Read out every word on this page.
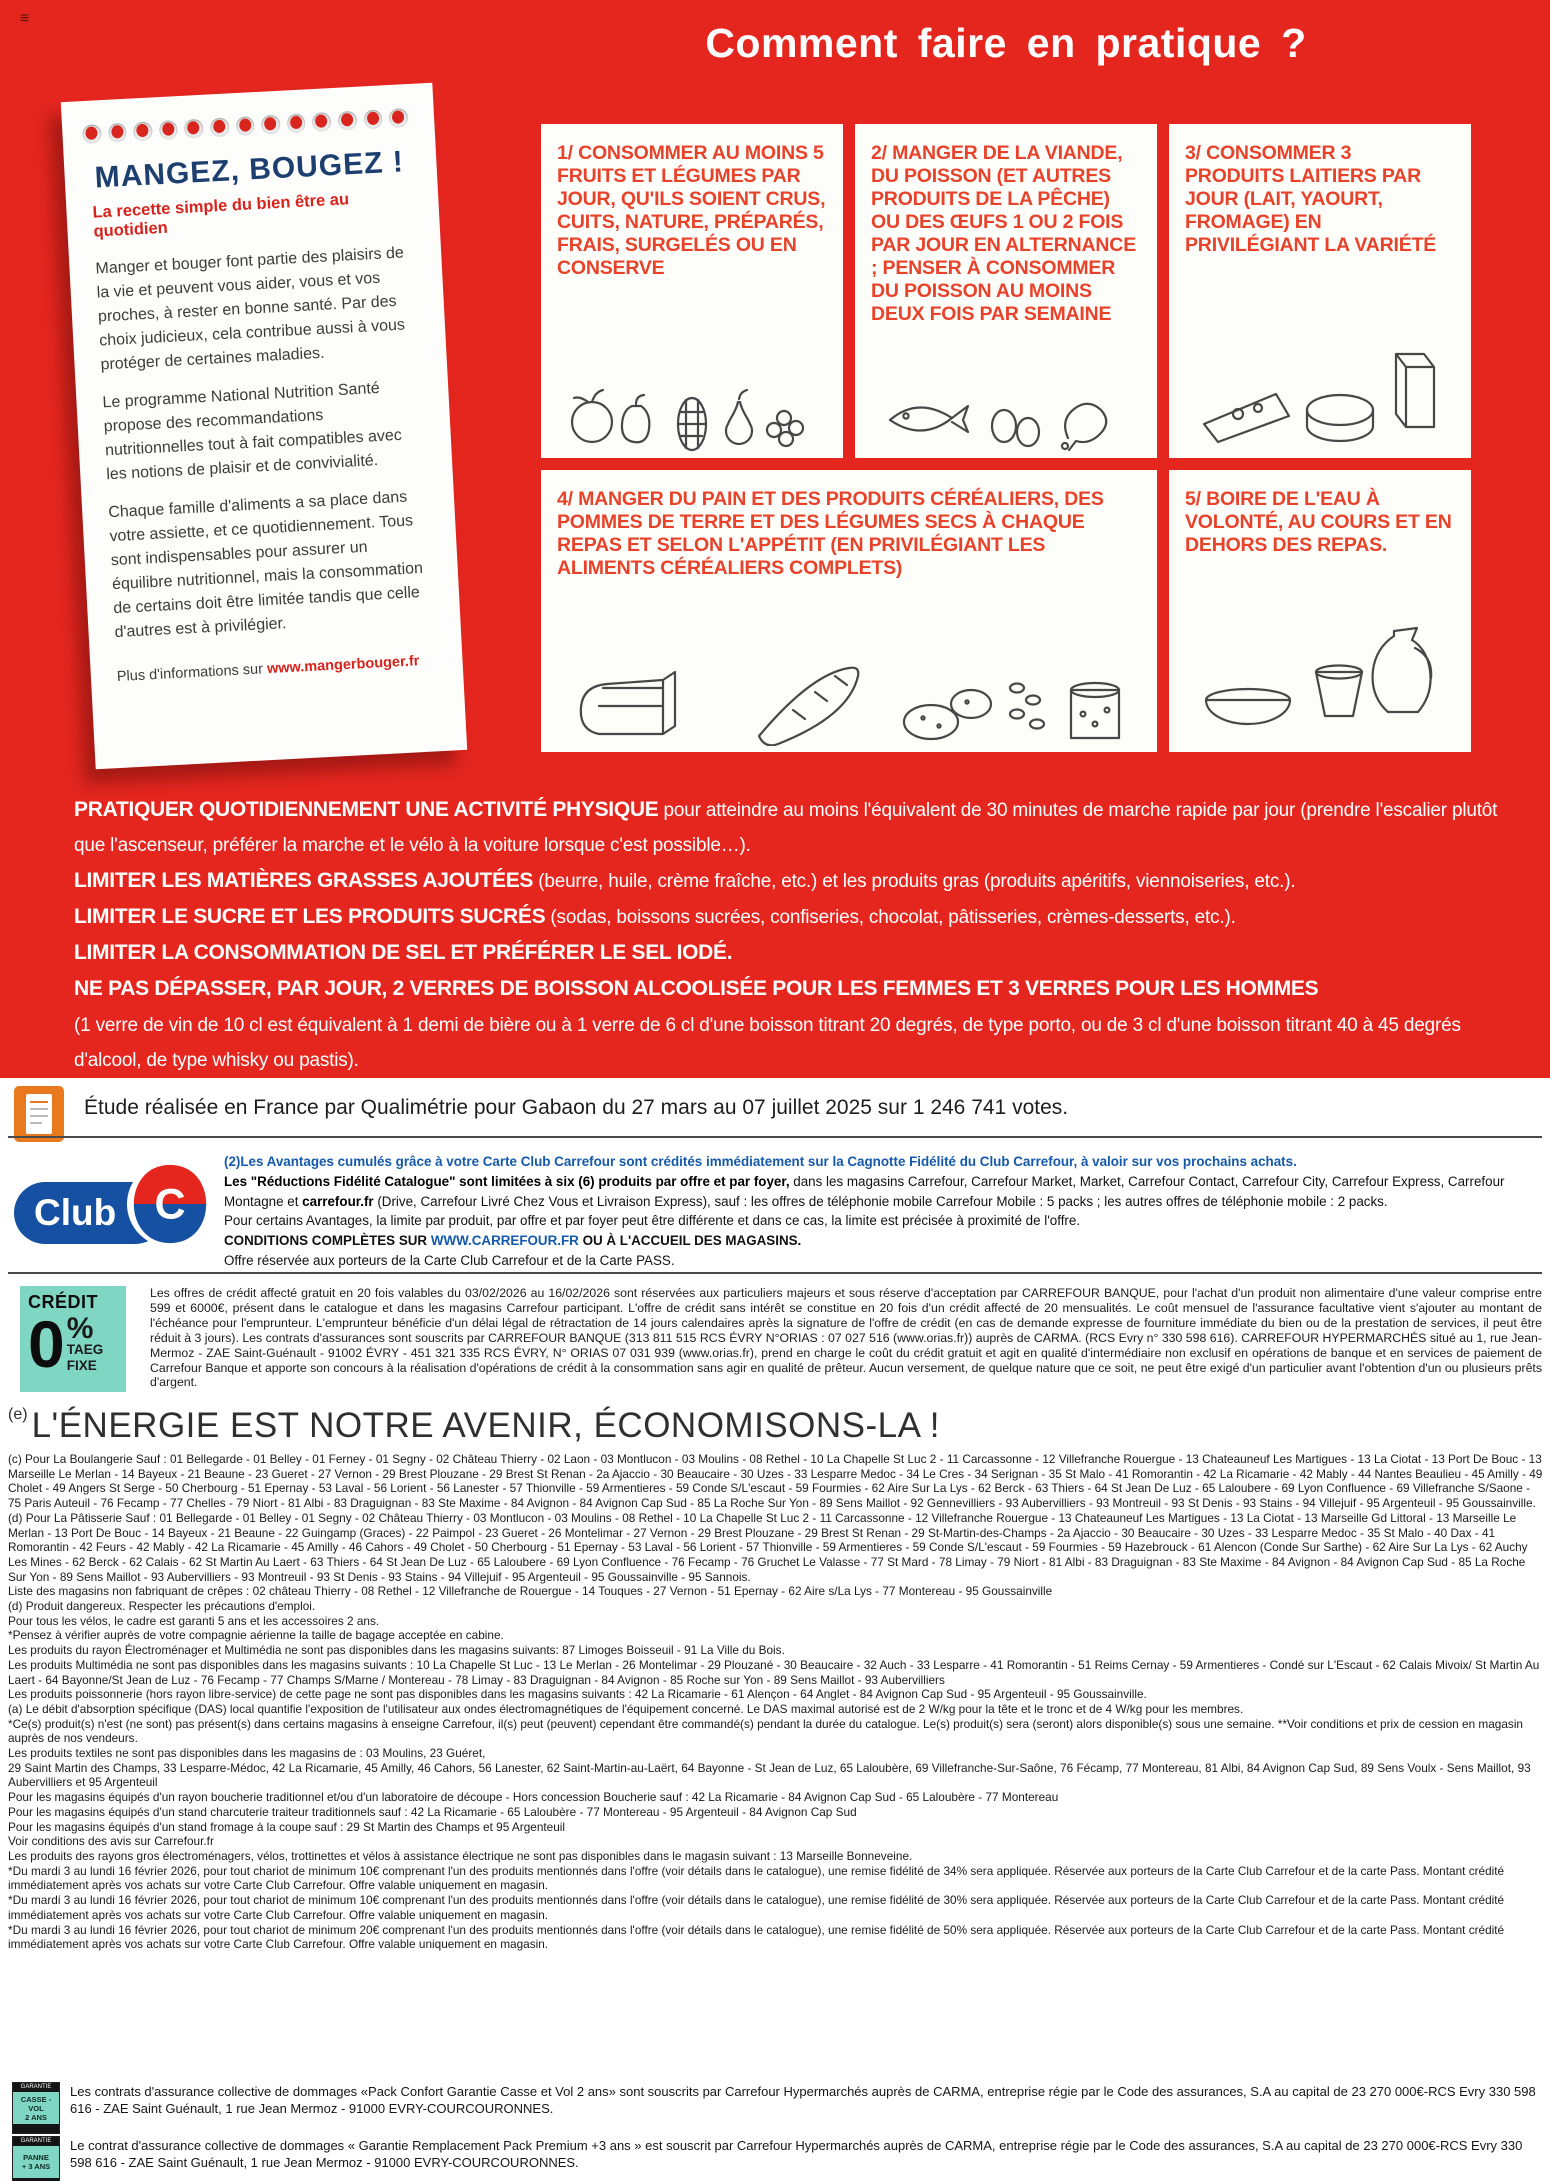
≡
Comment faire en pratique ?
MANGEZ, BOUGEZ !
La recette simple du bien être au quotidien

Manger et bouger font partie des plaisirs de la vie et peuvent vous aider, vous et vos proches, à rester en bonne santé. Par des choix judicieux, cela contribue aussi à vous protéger de certaines maladies.

Le programme National Nutrition Santé propose des recommandations nutritionnelles tout à fait compatibles avec les notions de plaisir et de convivialité.

Chaque famille d'aliments a sa place dans votre assiette, et ce quotidiennement. Tous sont indispensables pour assurer un équilibre nutritionnel, mais la consommation de certains doit être limitée tandis que celle d'autres est à privilégier.

Plus d'informations sur www.mangerbouger.fr
1/ CONSOMMER AU MOINS 5 FRUITS ET LÉGUMES PAR JOUR, QU'ILS SOIENT CRUS, CUITS, NATURE, PRÉPARÉS, FRAIS, SURGELÉS OU EN CONSERVE
2/ MANGER DE LA VIANDE, DU POISSON (ET AUTRES PRODUITS DE LA PÊCHE) OU DES ŒUFS 1 OU 2 FOIS PAR JOUR EN ALTERNANCE ; PENSER À CONSOMMER DU POISSON AU MOINS DEUX FOIS PAR SEMAINE
3/ CONSOMMER 3 PRODUITS LAITIERS PAR JOUR (LAIT, YAOURT, FROMAGE) EN PRIVILÉGIANT LA VARIÉTÉ
4/ MANGER DU PAIN ET DES PRODUITS CÉRÉALIERS, DES POMMES DE TERRE ET DES LÉGUMES SECS À CHAQUE REPAS ET SELON L'APPÉTIT (EN PRIVILÉGIANT LES ALIMENTS CÉRÉALIERS COMPLETS)
5/ BOIRE DE L'EAU À VOLONTÉ, AU COURS ET EN DEHORS DES REPAS.

PRATIQUER QUOTIDIENNEMENT UNE ACTIVITÉ PHYSIQUE pour atteindre au moins l'équivalent de 30 minutes de marche rapide par jour (prendre l'escalier plutôt que l'ascenseur, préférer la marche et le vélo à la voiture lorsque c'est possible…).

LIMITER LES MATIÈRES GRASSES AJOUTÉES (beurre, huile, crème fraîche, etc.) et les produits gras (produits apéritifs, viennoiseries, etc.).

LIMITER LE SUCRE ET LES PRODUITS SUCRÉS (sodas, boissons sucrées, confiseries, chocolat, pâtisseries, crèmes-desserts, etc.).

LIMITER LA CONSOMMATION DE SEL ET PRÉFÉRER LE SEL IODÉ.

NE PAS DÉPASSER, PAR JOUR, 2 VERRES DE BOISSON ALCOOLISÉE POUR LES FEMMES ET 3 VERRES POUR LES HOMMES

(1 verre de vin de 10 cl est équivalent à 1 demi de bière ou à 1 verre de 6 cl d'une boisson titrant 20 degrés, de type porto, ou de 3 cl d'une boisson titrant 40 à 45 degrés d'alcool, de type whisky ou pastis).

Étude réalisée en France par Qualimétrie pour Gabaon du 27 mars au 07 juillet 2025 sur 1 246 741 votes.
Club C
(2)Les Avantages cumulés grâce à votre Carte Club Carrefour sont crédités immédiatement sur la Cagnotte Fidélité du Club Carrefour, à valoir sur vos prochains achats.
Les "Réductions Fidélité Catalogue" sont limitées à six (6) produits par offre et par foyer, dans les magasins Carrefour, Carrefour Market, Market, Carrefour Contact, Carrefour City, Carrefour Express, Carrefour Montagne et carrefour.fr (Drive, Carrefour Livré Chez Vous et Livraison Express), sauf : les offres de téléphonie mobile Carrefour Mobile : 5 packs ; les autres offres de téléphonie mobile : 2 packs.
Pour certains Avantages, la limite par produit, par offre et par foyer peut être différente et dans ce cas, la limite est précisée à proximité de l'offre.
CONDITIONS COMPLÈTES SUR WWW.CARREFOUR.FR OU À L'ACCUEIL DES MAGASINS.
Offre réservée aux porteurs de la Carte Club Carrefour et de la Carte PASS.
CRÉDIT
0 %
TAEG
FIXE
Les offres de crédit affecté gratuit en 20 fois valables du 03/02/2026 au 16/02/2026 sont réservées aux particuliers majeurs et sous réserve d'acceptation par CARREFOUR BANQUE, pour l'achat d'un produit non alimentaire d'une valeur comprise entre 599 et 6000€, présent dans le catalogue et dans les magasins Carrefour participant. L'offre de crédit sans intérêt se constitue en 20 fois d'un crédit affecté de 20 mensualités. Le coût mensuel de l'assurance facultative vient s'ajouter au montant de l'échéance pour l'emprunteur. L'emprunteur bénéficie d'un délai légal de rétractation de 14 jours calendaires après la signature de l'offre de crédit (en cas de demande expresse de fourniture immédiate du bien ou de la prestation de services, il peut être réduit à 3 jours). Les contrats d'assurances sont souscrits par CARREFOUR BANQUE (313 811 515 RCS ÉVRY N°ORIAS : 07 027 516 (www.orias.fr)) auprès de CARMA. (RCS Evry n° 330 598 616). CARREFOUR HYPERMARCHÉS situé au 1, rue Jean-Mermoz - ZAE Saint-Guénault - 91002 ÉVRY - 451 321 335 RCS ÉVRY, N° ORIAS 07 031 939 (www.orias.fr), prend en charge le coût du crédit gratuit et agit en qualité d'intermédiaire non exclusif en opérations de banque et en services de paiement de Carrefour Banque et apporte son concours à la réalisation d'opérations de crédit à la consommation sans agir en qualité de prêteur. Aucun versement, de quelque nature que ce soit, ne peut être exigé d'un particulier avant l'obtention d'un ou plusieurs prêts d'argent.
$^{(e)}$ L'ÉNERGIE EST NOTRE AVENIR, ÉCONOMISONS-LA !

(c) Pour La Boulangerie Sauf : 01 Bellegarde - 01 Belley - 01 Ferney - 01 Segny - 02 Château Thierry - 02 Laon - 03 Montlucon - 03 Moulins - 08 Rethel - 10 La Chapelle St Luc 2 - 11 Carcassonne - 12 Villefranche Rouergue - 13 Chateauneuf Les Martigues - 13 La Ciotat - 13 Port De Bouc - 13 Marseille Le Merlan - 14 Bayeux - 21 Beaune - 23 Gueret - 27 Vernon - 29 Brest Plouzane - 29 Brest St Renan - 2a Ajaccio - 30 Beaucaire - 30 Uzes - 33 Lesparre Medoc - 34 Le Cres - 34 Serignan - 35 St Malo - 41 Romorantin - 42 La Ricamarie - 42 Mably - 44 Nantes Beaulieu - 45 Amilly - 49 Cholet - 49 Angers St Serge - 50 Cherbourg - 51 Epernay - 53 Laval - 56 Lorient - 56 Lanester - 57 Thionville - 59 Armentieres - 59 Conde S/L'escaut - 59 Fourmies - 62 Aire Sur La Lys - 62 Berck - 63 Thiers - 64 St Jean De Luz - 65 Laloubere - 69 Lyon Confluence - 69 Villefranche S/Saone - 75 Paris Auteuil - 76 Fecamp - 77 Chelles - 79 Niort - 81 Albi - 83 Draguignan - 83 Ste Maxime - 84 Avignon - 84 Avignon Cap Sud - 85 La Roche Sur Yon - 89 Sens Maillot - 92 Gennevilliers - 93 Aubervilliers - 93 Montreuil - 93 St Denis - 93 Stains - 94 Villejuif - 95 Argenteuil - 95 Goussainville.

(d) Pour La Pâtisserie Sauf : 01 Bellegarde - 01 Belley - 01 Segny - 02 Château Thierry - 03 Montlucon - 03 Moulins - 08 Rethel - 10 La Chapelle St Luc 2 - 11 Carcassonne - 12 Villefranche Rouergue - 13 Chateauneuf Les Martigues - 13 La Ciotat - 13 Marseille Gd Littoral - 13 Marseille Le Merlan - 13 Port De Bouc - 14 Bayeux - 21 Beaune - 22 Guingamp (Graces) - 22 Paimpol - 23 Gueret - 26 Montelimar - 27 Vernon - 29 Brest Plouzane - 29 Brest St Renan - 29 St-Martin-des-Champs - 2a Ajaccio - 30 Beaucaire - 30 Uzes - 33 Lesparre Medoc - 35 St Malo - 40 Dax - 41 Romorantin - 42 Feurs - 42 Mably - 42 La Ricamarie - 45 Amilly - 46 Cahors - 49 Cholet - 50 Cherbourg - 51 Epernay - 53 Laval - 56 Lorient - 57 Thionville - 59 Armentieres - 59 Conde S/L'escaut - 59 Fourmies - 59 Hazebrouck - 61 Alencon (Conde Sur Sarthe) - 62 Aire Sur La Lys - 62 Auchy Les Mines - 62 Berck - 62 Calais - 62 St Martin Au Laert - 63 Thiers - 64 St Jean De Luz - 65 Laloubere - 69 Lyon Confluence - 76 Fecamp - 76 Gruchet Le Valasse - 77 St Mard - 78 Limay - 79 Niort - 81 Albi - 83 Draguignan - 83 Ste Maxime - 84 Avignon - 84 Avignon Cap Sud - 85 La Roche Sur Yon - 89 Sens Maillot - 93 Aubervilliers - 93 Montreuil - 93 St Denis - 93 Stains - 94 Villejuif - 95 Argenteuil - 95 Goussainville - 95 Sannois.

Liste des magasins non fabriquant de crêpes : 02 château Thierry - 08 Rethel - 12 Villefranche de Rouergue - 14 Touques - 27 Vernon - 51 Epernay - 62 Aire s/La Lys - 77 Montereau - 95 Goussainville

(d) Produit dangereux. Respecter les précautions d'emploi.

Pour tous les vélos, le cadre est garanti 5 ans et les accessoires 2 ans.

*Pensez à vérifier auprès de votre compagnie aérienne la taille de bagage acceptée en cabine.

Les produits du rayon Électroménager et Multimédia ne sont pas disponibles dans les magasins suivants: 87 Limoges Boisseuil - 91 La Ville du Bois.

Les produits Multimédia ne sont pas disponibles dans les magasins suivants : 10 La Chapelle St Luc - 13 Le Merlan - 26 Montelimar - 29 Plouzané - 30 Beaucaire - 32 Auch - 33 Lesparre - 41 Romorantin - 51 Reims Cernay - 59 Armentieres - Condé sur L'Escaut - 62 Calais Mivoix/ St Martin Au Laert - 64 Bayonne/St Jean de Luz - 76 Fecamp - 77 Champs S/Marne / Montereau - 78 Limay - 83 Draguignan - 84 Avignon - 85 Roche sur Yon - 89 Sens Maillot - 93 Aubervilliers

Les produits poissonnerie (hors rayon libre-service) de cette page ne sont pas disponibles dans les magasins suivants : 42 La Ricamarie - 61 Alençon - 64 Anglet - 84 Avignon Cap Sud - 95 Argenteuil - 95 Goussainville.

(a) Le débit d'absorption spécifique (DAS) local quantifie l'exposition de l'utilisateur aux ondes électromagnétiques de l'équipement concerné. Le DAS maximal autorisé est de 2 W/kg pour la tête et le tronc et de 4 W/kg pour les membres.

*Ce(s) produit(s) n'est (ne sont) pas présent(s) dans certains magasins à enseigne Carrefour, il(s) peut (peuvent) cependant être commandé(s) pendant la durée du catalogue. Le(s) produit(s) sera (seront) alors disponible(s) sous une semaine. **Voir conditions et prix de cession en magasin auprès de nos vendeurs.

Les produits textiles ne sont pas disponibles dans les magasins de : 03 Moulins, 23 Guéret,

29 Saint Martin des Champs, 33 Lesparre-Médoc, 42 La Ricamarie, 45 Amilly, 46 Cahors, 56 Lanester, 62 Saint-Martin-au-Laërt, 64 Bayonne - St Jean de Luz, 65 Laloubère, 69 Villefranche-Sur-Saône, 76 Fécamp, 77 Montereau, 81 Albi, 84 Avignon Cap Sud, 89 Sens Voulx - Sens Maillot, 93 Aubervilliers et 95 Argenteuil

Pour les magasins équipés d'un rayon boucherie traditionnel et/ou d'un laboratoire de découpe - Hors concession Boucherie sauf : 42 La Ricamarie - 84 Avignon Cap Sud - 65 Laloubère - 77 Montereau

Pour les magasins équipés d'un stand charcuterie traiteur traditionnels sauf : 42 La Ricamarie - 65 Laloubère - 77 Montereau - 95 Argenteuil - 84 Avignon Cap Sud

Pour les magasins équipés d'un stand fromage à la coupe sauf : 29 St Martin des Champs et 95 Argenteuil

Voir conditions des avis sur Carrefour.fr

Les produits des rayons gros électroménagers, vélos, trottinettes et vélos à assistance électrique ne sont pas disponibles dans le magasin suivant : 13 Marseille Bonneveine.

*Du mardi 3 au lundi 16 février 2026, pour tout chariot de minimum 10€ comprenant l'un des produits mentionnés dans l'offre (voir détails dans le catalogue), une remise fidélité de 34% sera appliquée. Réservée aux porteurs de la Carte Club Carrefour et de la carte Pass. Montant crédité immédiatement après vos achats sur votre Carte Club Carrefour. Offre valable uniquement en magasin.

*Du mardi 3 au lundi 16 février 2026, pour tout chariot de minimum 10€ comprenant l'un des produits mentionnés dans l'offre (voir détails dans le catalogue), une remise fidélité de 30% sera appliquée. Réservée aux porteurs de la Carte Club Carrefour et de la carte Pass. Montant crédité immédiatement après vos achats sur votre Carte Club Carrefour. Offre valable uniquement en magasin.

*Du mardi 3 au lundi 16 février 2026, pour tout chariot de minimum 20€ comprenant l'un des produits mentionnés dans l'offre (voir détails dans le catalogue), une remise fidélité de 50% sera appliquée. Réservée aux porteurs de la Carte Club Carrefour et de la carte Pass. Montant crédité immédiatement après vos achats sur votre Carte Club Carrefour. Offre valable uniquement en magasin.

GARANTIE
CASSE - VOL
2 ANS
Les contrats d'assurance collective de dommages «Pack Confort Garantie Casse et Vol 2 ans» sont souscrits par Carrefour Hypermarchés auprès de CARMA, entreprise régie par le Code des assurances, S.A au capital de 23 270 000€-RCS Evry 330 598 616 - ZAE Saint Guénault, 1 rue Jean Mermoz - 91000 EVRY-COURCOURONNES.
GARANTIE
PANNE
+ 3 ANS
Le contrat d'assurance collective de dommages « Garantie Remplacement Pack Premium +3 ans » est souscrit par Carrefour Hypermarchés auprès de CARMA, entreprise régie par le Code des assurances, S.A au capital de 23 270 000€-RCS Evry 330 598 616 - ZAE Saint Guénault, 1 rue Jean Mermoz - 91000 EVRY-COURCOURONNES.
